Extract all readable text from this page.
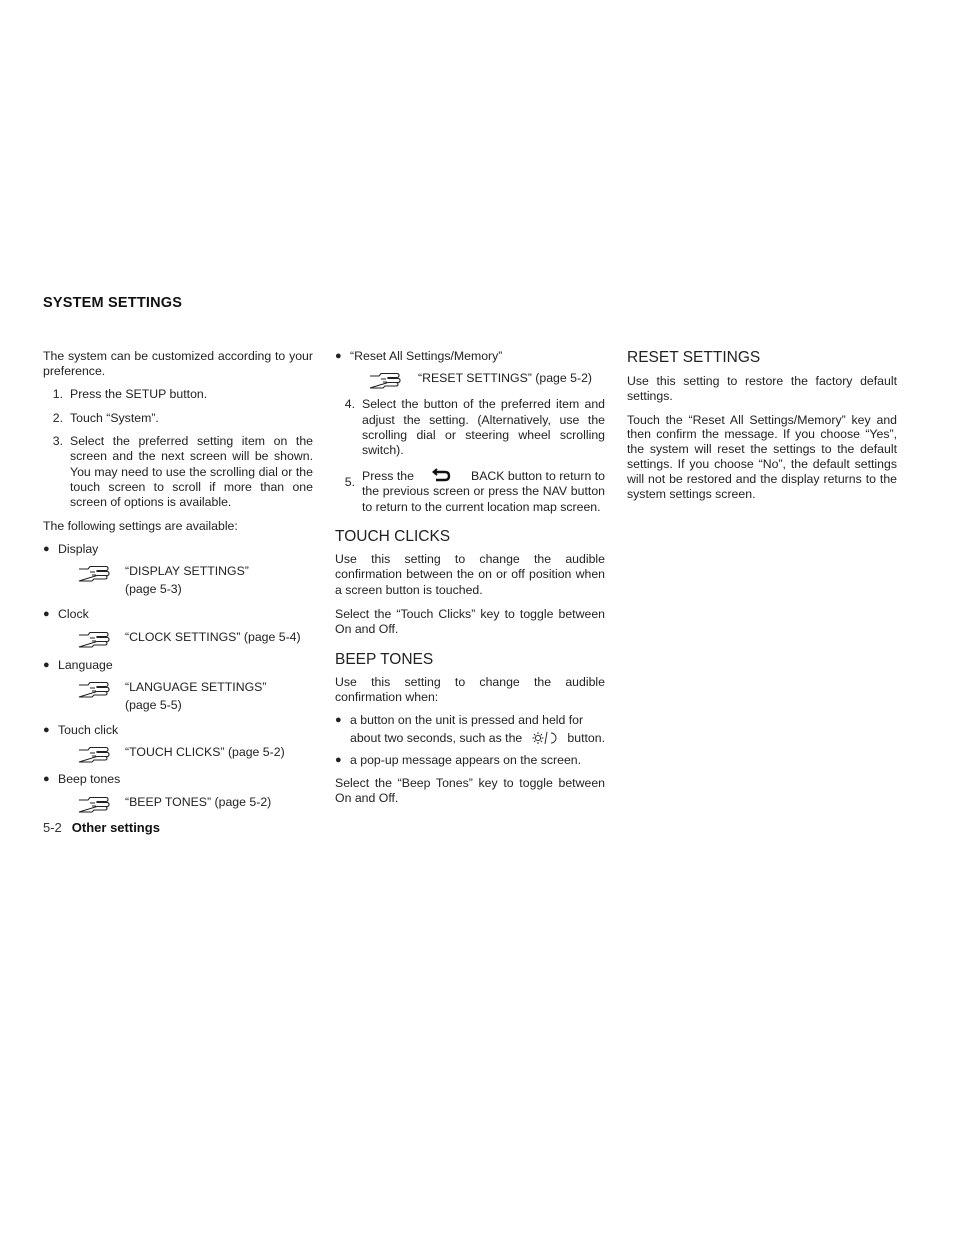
SYSTEM SETTINGS

The system can be customized according to your preference.

1. Press the SETUP button.
2. Touch “System”.
3. Select the preferred setting item on the screen and the next screen will be shown. You may need to use the scrolling dial or the touch screen to scroll if more than one screen of options is available.

The following settings are available:

● Display
“DISPLAY SETTINGS”
(page 5-3)
● Clock
“CLOCK SETTINGS” (page 5-4)
● Language
“LANGUAGE SETTINGS”
(page 5-5)
● Touch click
“TOUCH CLICKS” (page 5-2)
● Beep tones
“BEEP TONES” (page 5-2)
● “Reset All Settings/Memory”
“RESET SETTINGS” (page 5-2)
4. Select the button of the preferred item and adjust the setting. (Alternatively, use the scrolling dial or steering wheel scrolling switch).
5. Press the	BACK button to return to
the previous screen or press the NAV button to return to the current location map screen.
TOUCH CLICKS

Use this setting to change the audible confirmation between the on or off position when a screen button is touched.

Select the “Touch Clicks” key to toggle between On and Off.

BEEP TONES

Use this setting to change the audible confirmation when:

● a button on the unit is pressed and held for
about two seconds, such as the	button.
● a pop-up message appears on the screen.

Select the “Beep Tones” key to toggle between On and Off.

RESET SETTINGS

Use this setting to restore the factory default settings.

Touch the “Reset All Settings/Memory” key and then confirm the message. If you choose “Yes”, the system will reset the settings to the default settings. If you choose “No”, the default settings will not be restored and the display returns to the system settings screen.

5-2 Other settings
